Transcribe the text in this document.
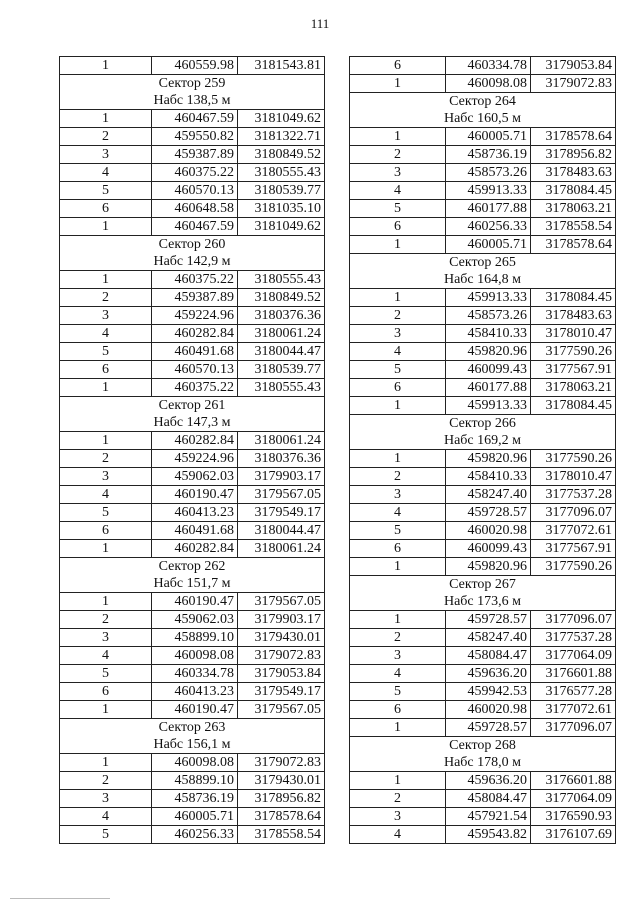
111
1	460559.98	3181543.81
Сектор 259		
Набс 138,5 м		
1	460467.59	3181049.62
2	459550.82	3181322.71
3	459387.89	3180849.52
4	460375.22	3180555.43
5	460570.13	3180539.77
6	460648.58	3181035.10
1	460467.59	3181049.62
Сектор 260		
Набс 142,9 м		
1	460375.22	3180555.43
2	459387.89	3180849.52
3	459224.96	3180376.36
4	460282.84	3180061.24
5	460491.68	3180044.47
6	460570.13	3180539.77
1	460375.22	3180555.43
Сектор 261		
Набс 147,3 м		
1	460282.84	3180061.24
2	459224.96	3180376.36
3	459062.03	3179903.17
4	460190.47	3179567.05
5	460413.23	3179549.17
6	460491.68	3180044.47
1	460282.84	3180061.24
Сектор 262		
Набс 151,7 м		
1	460190.47	3179567.05
2	459062.03	3179903.17
3	458899.10	3179430.01
4	460098.08	3179072.83
5	460334.78	3179053.84
6	460413.23	3179549.17
1	460190.47	3179567.05
Сектор 263		
Набс 156,1 м		
1	460098.08	3179072.83
2	458899.10	3179430.01
3	458736.19	3178956.82
4	460005.71	3178578.64
5	460256.33	3178558.54
6	460334.78	3179053.84
1	460098.08	3179072.83
Сектор 264		
Набс 160,5 м		
1	460005.71	3178578.64
2	458736.19	3178956.82
3	458573.26	3178483.63
4	459913.33	3178084.45
5	460177.88	3178063.21
6	460256.33	3178558.54
1	460005.71	3178578.64
Сектор 265		
Набс 164,8 м		
1	459913.33	3178084.45
2	458573.26	3178483.63
3	458410.33	3178010.47
4	459820.96	3177590.26
5	460099.43	3177567.91
6	460177.88	3178063.21
1	459913.33	3178084.45
Сектор 266		
Набс 169,2 м		
1	459820.96	3177590.26
2	458410.33	3178010.47
3	458247.40	3177537.28
4	459728.57	3177096.07
5	460020.98	3177072.61
6	460099.43	3177567.91
1	459820.96	3177590.26
Сектор 267		
Набс 173,6 м		
1	459728.57	3177096.07
2	458247.40	3177537.28
3	458084.47	3177064.09
4	459636.20	3176601.88
5	459942.53	3176577.28
6	460020.98	3177072.61
1	459728.57	3177096.07
Сектор 268		
Набс 178,0 м		
1	459636.20	3176601.88
2	458084.47	3177064.09
3	457921.54	3176590.93
4	459543.82	3176107.69
